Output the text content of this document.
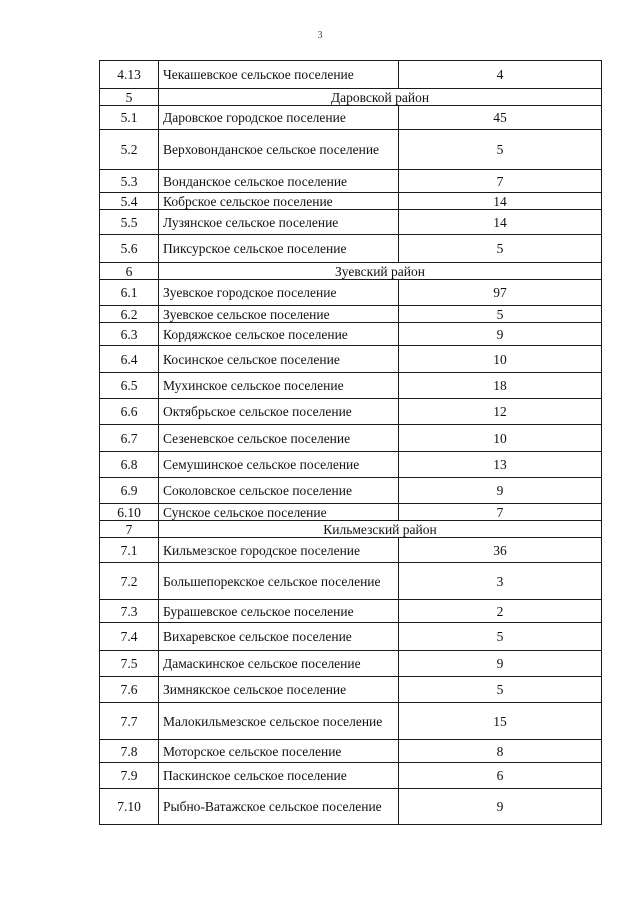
3
4.13	Чекашевское сельское поселение	4
5	Даровской район	
5.1	Даровское городское поселение	45
5.2	Верховонданское сельское поселение	5
5.3	Вонданское сельское поселение	7
5.4	Кобрское сельское поселение	14
5.5	Лузянское сельское поселение	14
5.6	Пиксурское сельское поселение	5
6	Зуевский район	
6.1	Зуевское городское поселение	97
6.2	Зуевское сельское поселение	5
6.3	Кордяжское сельское поселение	9
6.4	Косинское сельское поселение	10
6.5	Мухинское сельское поселение	18
6.6	Октябрьское сельское поселение	12
6.7	Сезеневское сельское поселение	10
6.8	Семушинское сельское поселение	13
6.9	Соколовское сельское поселение	9
6.10	Сунское сельское поселение	7
7	Кильмезский район	
7.1	Кильмезское городское поселение	36
7.2	Большепорекское сельское поселение	3
7.3	Бурашевское сельское поселение	2
7.4	Вихаревское сельское поселение	5
7.5	Дамаскинское сельское поселение	9
7.6	Зимнякское сельское поселение	5
7.7	Малокильмезское сельское поселение	15
7.8	Моторское сельское поселение	8
7.9	Паскинское сельское поселение	6
7.10	Рыбно-Ватажское сельское поселение	9
